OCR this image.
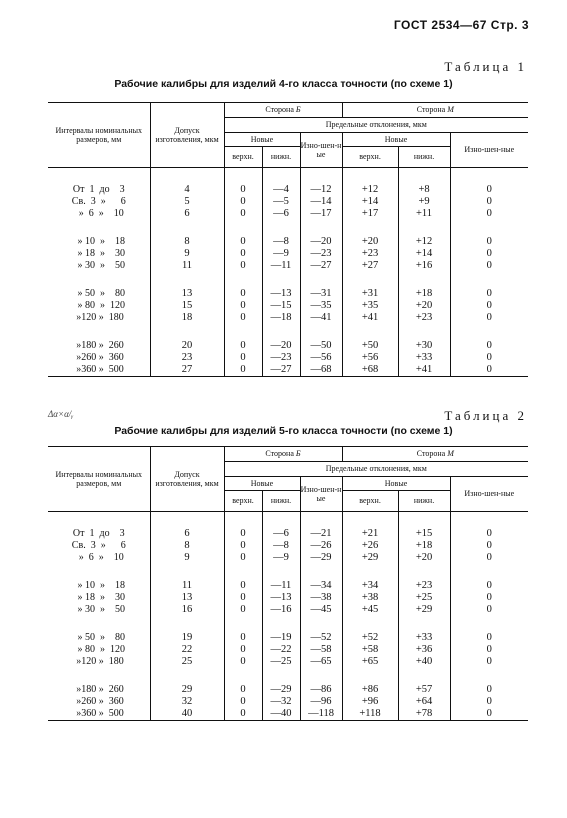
ГОСТ 2534—67 Стр. 3
Таблица 1
Рабочие калибры для изделий 4-го класса точности (по схеме 1)
Интервалы номинальных размеров, мм	Допуск изготовления, мкм	Сторона Б			Сторона М		
		Предельные отклонения, мкм					
		Новые		Изно-шен-ные	Новые		Изно-шен-ные
		верхн.	нижн.		верхн.	нижн.	

От  1  до    3	4	0	—4	—12	+12	+8	0
Св.  3  »      6	5	0	—5	—14	+14	+9	0
»  6  »    10	6	0	—6	—17	+17	+11	0

» 10  »    18	8	0	—8	—20	+20	+12	0
» 18  »    30	9	0	—9	—23	+23	+14	0
» 30  »    50	11	0	—11	—27	+27	+16	0

» 50  »    80	13	0	—13	—31	+31	+18	0
» 80  »  120	15	0	—15	—35	+35	+20	0
»120 »  180	18	0	—18	—41	+41	+23	0

»180 »  260	20	0	—20	—50	+50	+30	0
»260 »  360	23	0	—23	—56	+56	+33	0
»360 »  500	27	0	—27	—68	+68	+41	0
Δα×α/ᵧ	Таблица 2
Рабочие калибры для изделий 5-го класса точности (по схеме 1)
Интервалы номинальных размеров, мм	Допуск изготовления, мкм	Сторона Б			Сторона М		
		Предельные отклонения, мкм					
		Новые		Изно-шен-ные	Новые		Изно-шен-ные
		верхн.	нижн.		верхн.	нижн.	

От  1  до    3	6	0	—6	—21	+21	+15	0
Св.  3  »      6	8	0	—8	—26	+26	+18	0
»  6  »    10	9	0	—9	—29	+29	+20	0

» 10  »    18	11	0	—11	—34	+34	+23	0
» 18  »    30	13	0	—13	—38	+38	+25	0
» 30  »    50	16	0	—16	—45	+45	+29	0

» 50  »    80	19	0	—19	—52	+52	+33	0
» 80  »  120	22	0	—22	—58	+58	+36	0
»120 »  180	25	0	—25	—65	+65	+40	0

»180 »  260	29	0	—29	—86	+86	+57	0
»260 »  360	32	0	—32	—96	+96	+64	0
»360 »  500	40	0	—40	—118	+118	+78	0
